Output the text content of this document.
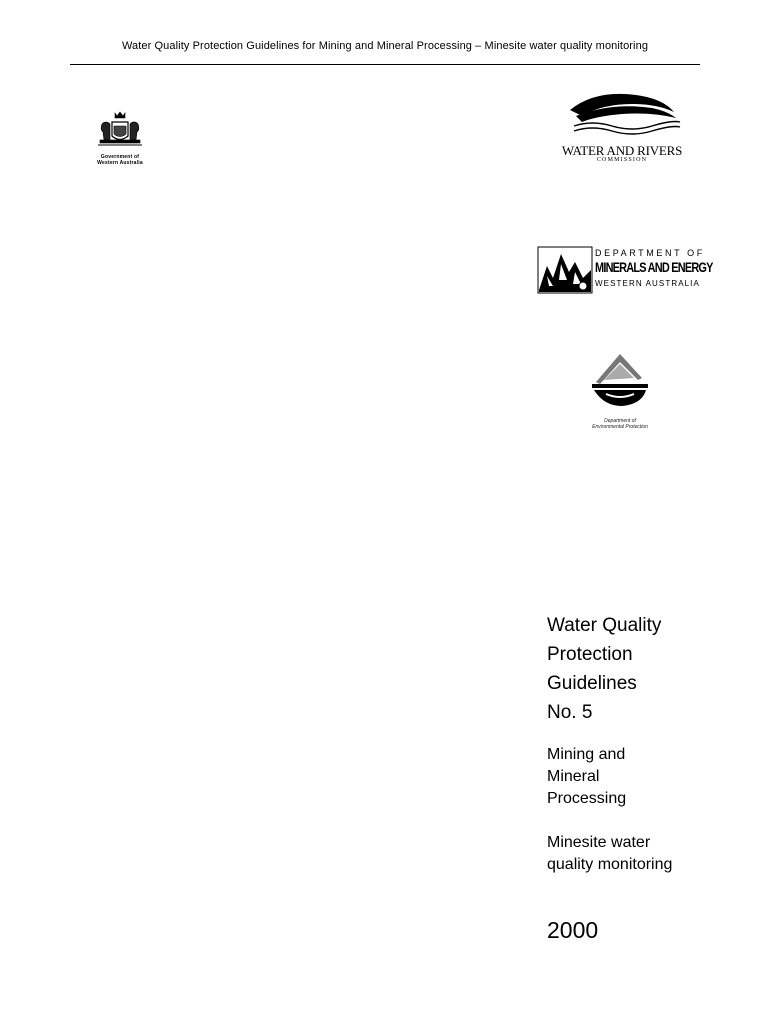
Water Quality Protection Guidelines for Mining and Mineral Processing – Minesite water quality monitoring
Government of
Western Australia
WATER AND RIVERS
COMMISSION
DEPARTMENT OF
MINERALS AND ENERGY
WESTERN AUSTRALIA
Department of
Environmental Protection
Water Quality
Protection
Guidelines
No. 5
Mining and
Mineral
Processing
Minesite water
quality monitoring
2000
